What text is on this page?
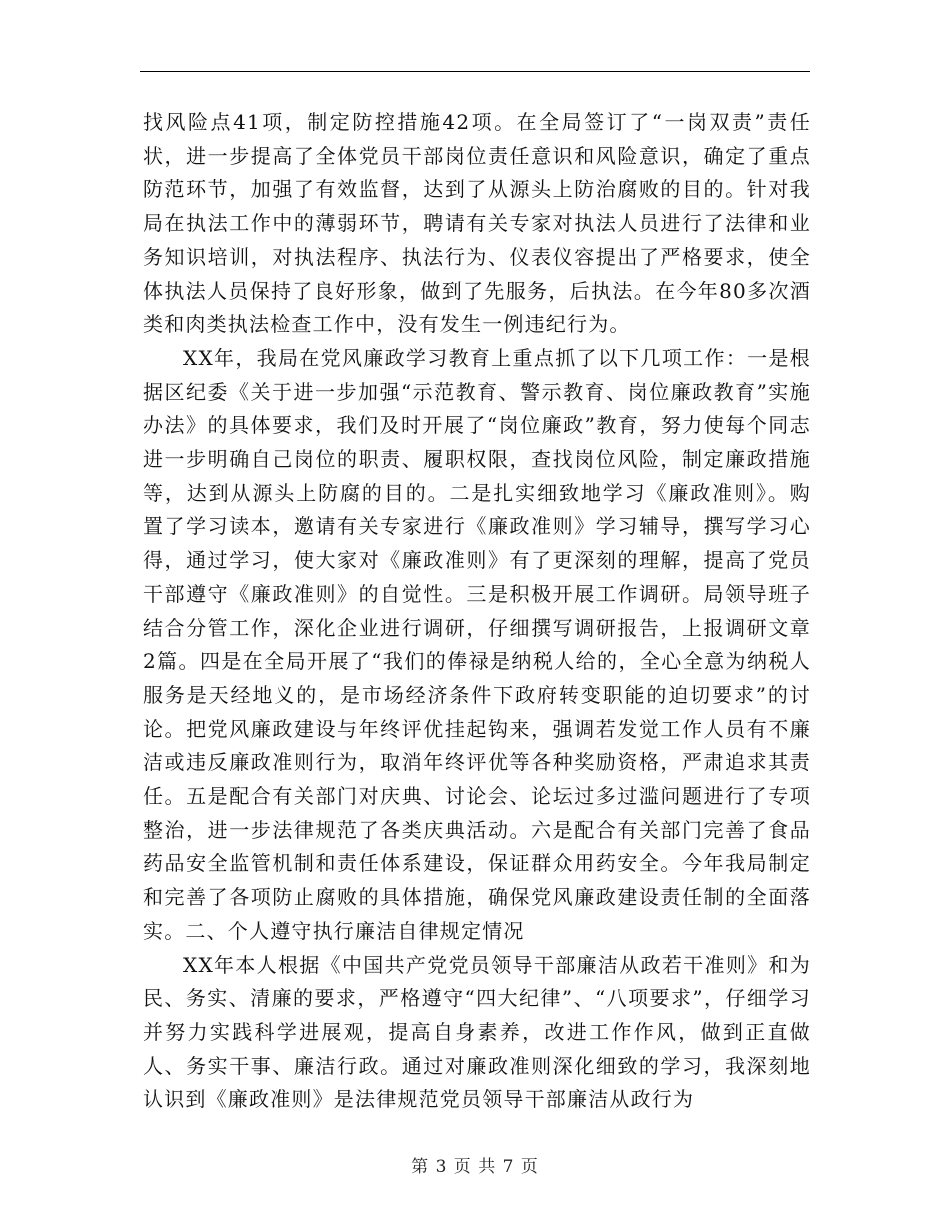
找风险点41项，制定防控措施42项。在全局签订了“一岗双责”责任状，进一步提高了全体党员干部岗位责任意识和风险意识，确定了重点防范环节，加强了有效监督，达到了从源头上防治腐败的目的。针对我局在执法工作中的薄弱环节，聘请有关专家对执法人员进行了法律和业务知识培训，对执法程序、执法行为、仪表仪容提出了严格要求，使全体执法人员保持了良好形象，做到了先服务，后执法。在今年80多次酒类和肉类执法检查工作中，没有发生一例违纪行为。

XX年，我局在党风廉政学习教育上重点抓了以下几项工作：一是根据区纪委《关于进一步加强“示范教育、警示教育、岗位廉政教育”实施办法》的具体要求，我们及时开展了“岗位廉政”教育，努力使每个同志进一步明确自己岗位的职责、履职权限，查找岗位风险，制定廉政措施等，达到从源头上防腐的目的。二是扎实细致地学习《廉政准则》。购置了学习读本，邀请有关专家进行《廉政准则》学习辅导，撰写学习心得，通过学习，使大家对《廉政准则》有了更深刻的理解，提高了党员干部遵守《廉政准则》的自觉性。三是积极开展工作调研。局领导班子结合分管工作，深化企业进行调研，仔细撰写调研报告，上报调研文章2篇。四是在全局开展了“我们的俸禄是纳税人给的，全心全意为纳税人服务是天经地义的，是市场经济条件下政府转变职能的迫切要求”的讨论。把党风廉政建设与年终评优挂起钩来，强调若发觉工作人员有不廉洁或违反廉政准则行为，取消年终评优等各种奖励资格，严肃追求其责任。五是配合有关部门对庆典、讨论会、论坛过多过滥问题进行了专项整治，进一步法律规范了各类庆典活动。六是配合有关部门完善了食品药品安全监管机制和责任体系建设，保证群众用药安全。今年我局制定和完善了各项防止腐败的具体措施，确保党风廉政建设责任制的全面落实。二、个人遵守执行廉洁自律规定情况

XX年本人根据《中国共产党党员领导干部廉洁从政若干准则》和为民、务实、清廉的要求，严格遵守“四大纪律”、“八项要求”，仔细学习并努力实践科学进展观，提高自身素养，改进工作作风，做到正直做人、务实干事、廉洁行政。通过对廉政准则深化细致的学习，我深刻地认识到《廉政准则》是法律规范党员领导干部廉洁从政行为

第 3 页 共 7 页
